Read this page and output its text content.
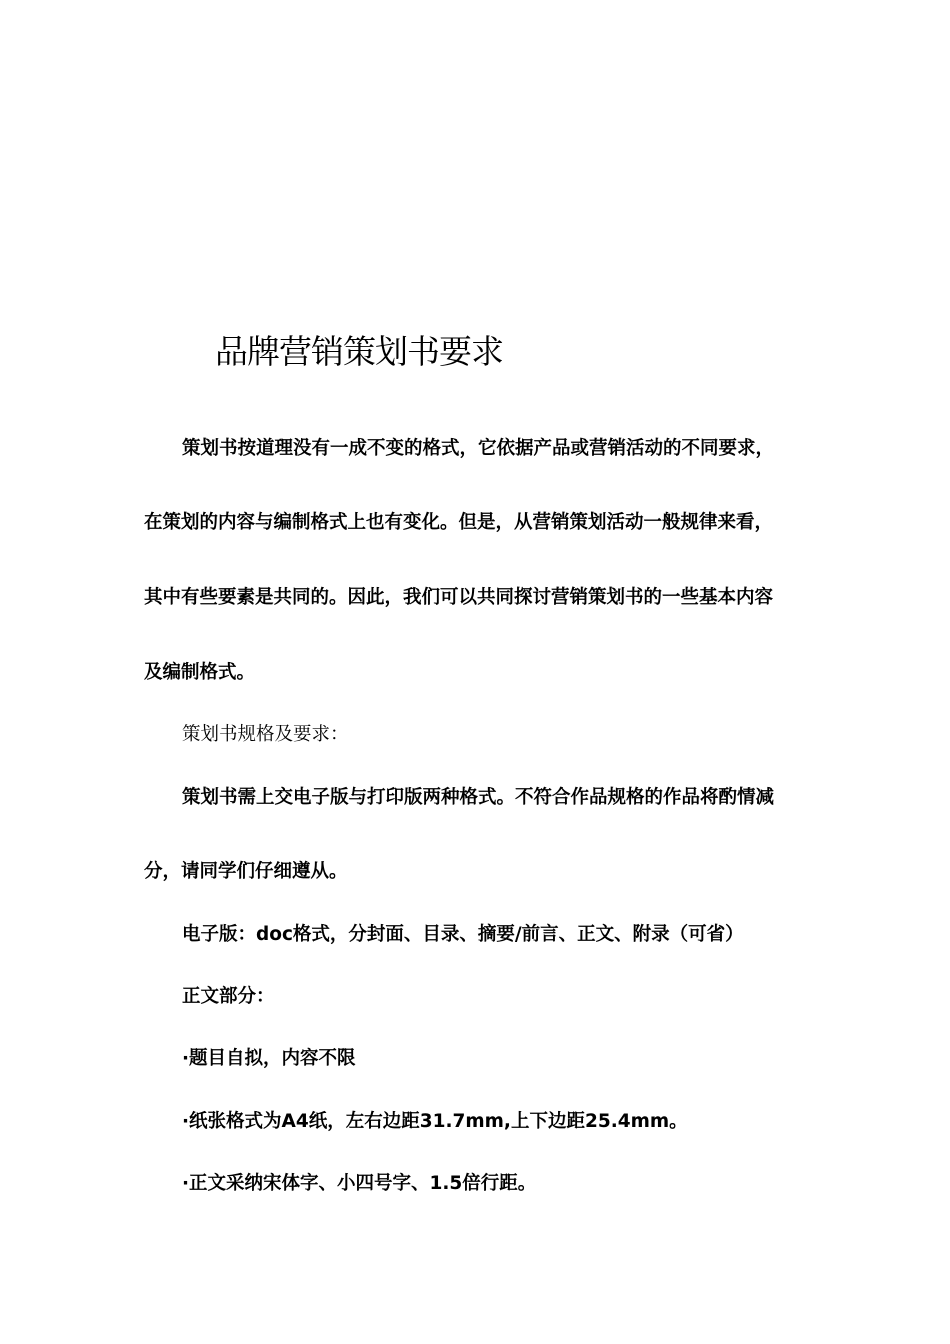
品牌营销策划书要求
策划书按道理没有一成不变的格式，它依据产品或营销活动的不同要求，
在策划的内容与编制格式上也有变化。但是，从营销策划活动一般规律来看，
其中有些要素是共同的。因此，我们可以共同探讨营销策划书的一些基本内容
及编制格式。
策划书规格及要求：
策划书需上交电子版与打印版两种格式。不符合作品规格的作品将酌情减
分，请同学们仔细遵从。
电子版：doc格式，分封面、目录、摘要/前言、正文、附录（可省）
正文部分：
·题目自拟，内容不限
·纸张格式为A4纸，左右边距31.7mm,上下边距25.4mm。
·正文采纳宋体字、小四号字、1.5倍行距。
